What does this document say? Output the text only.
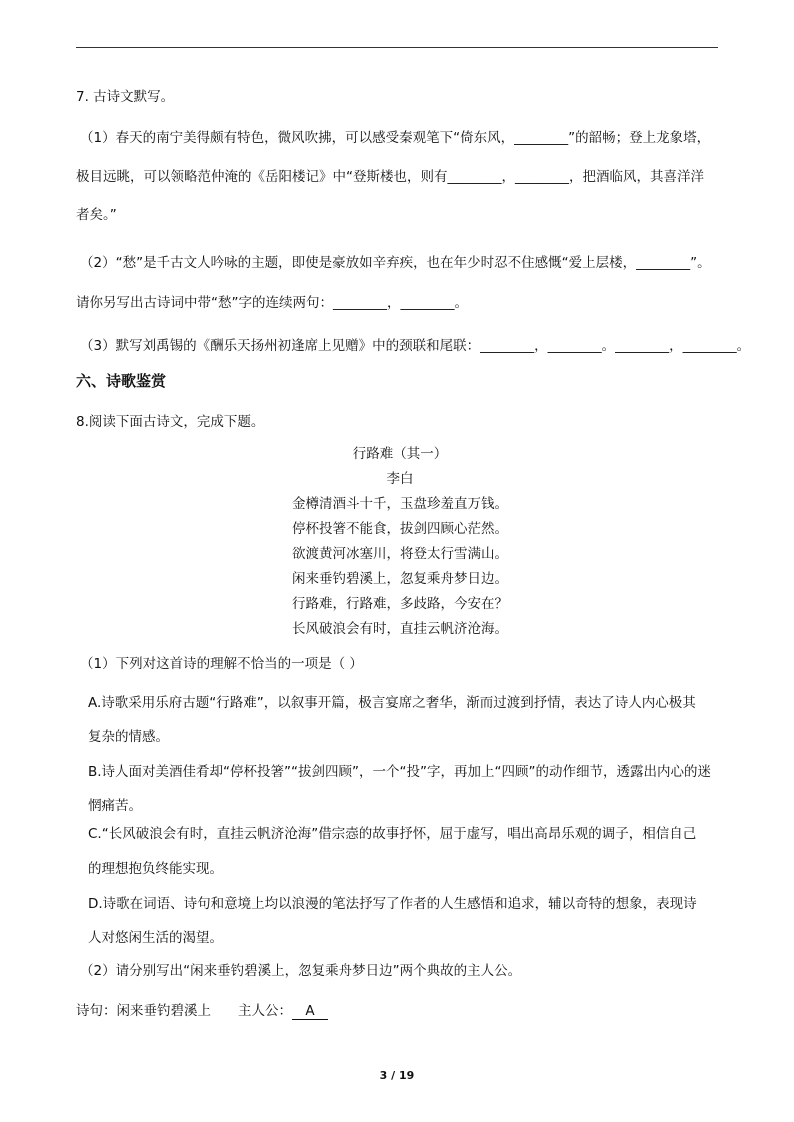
7. 古诗文默写。
（1）春天的南宁美得颇有特色，微风吹拂，可以感受秦观笔下“倚东风，________”的韶畅；登上龙象塔，
极目远眺，可以领略范仲淹的《岳阳楼记》中“登斯楼也，则有________，________，把酒临风，其喜洋洋
者矣。”
（2）“愁”是千古文人吟咏的主题，即使是豪放如辛弃疾，也在年少时忍不住感慨“爱上层楼，________”。
请你另写出古诗词中带“愁”字的连续两句：________，________。
（3）默写刘禹锡的《酬乐天扬州初逢席上见赠》中的颈联和尾联：________，________。________，________。
六、诗歌鉴赏
8.阅读下面古诗文，完成下题。
行路难（其一）
李白
金樽清酒斗十千，玉盘珍羞直万钱。
停杯投箸不能食，拔剑四顾心茫然。
欲渡黄河冰塞川，将登太行雪满山。
闲来垂钓碧溪上，忽复乘舟梦日边。
行路难，行路难，多歧路，今安在？
长风破浪会有时，直挂云帆济沧海。
（1）下列对这首诗的理解不恰当的一项是（ ）
A.诗歌采用乐府古题“行路难”，以叙事开篇，极言宴席之奢华，渐而过渡到抒情，表达了诗人内心极其
复杂的情感。
B.诗人面对美酒佳肴却“停杯投箸”“拔剑四顾”，一个“投”字，再加上“四顾”的动作细节，透露出内心的迷
惘痛苦。
C.“长风破浪会有时，直挂云帆济沧海”借宗悫的故事抒怀，屈于虚写，唱出高昂乐观的调子，相信自己
的理想抱负终能实现。
D.诗歌在词语、诗句和意境上均以浪漫的笔法抒写了作者的人生感悟和追求，辅以奇特的想象，表现诗
人对悠闲生活的渴望。
（2）请分别写出“闲来垂钓碧溪上，忽复乘舟梦日边”两个典故的主人公。
诗句：闲来垂钓碧溪上　　主人公： A
3 / 19
